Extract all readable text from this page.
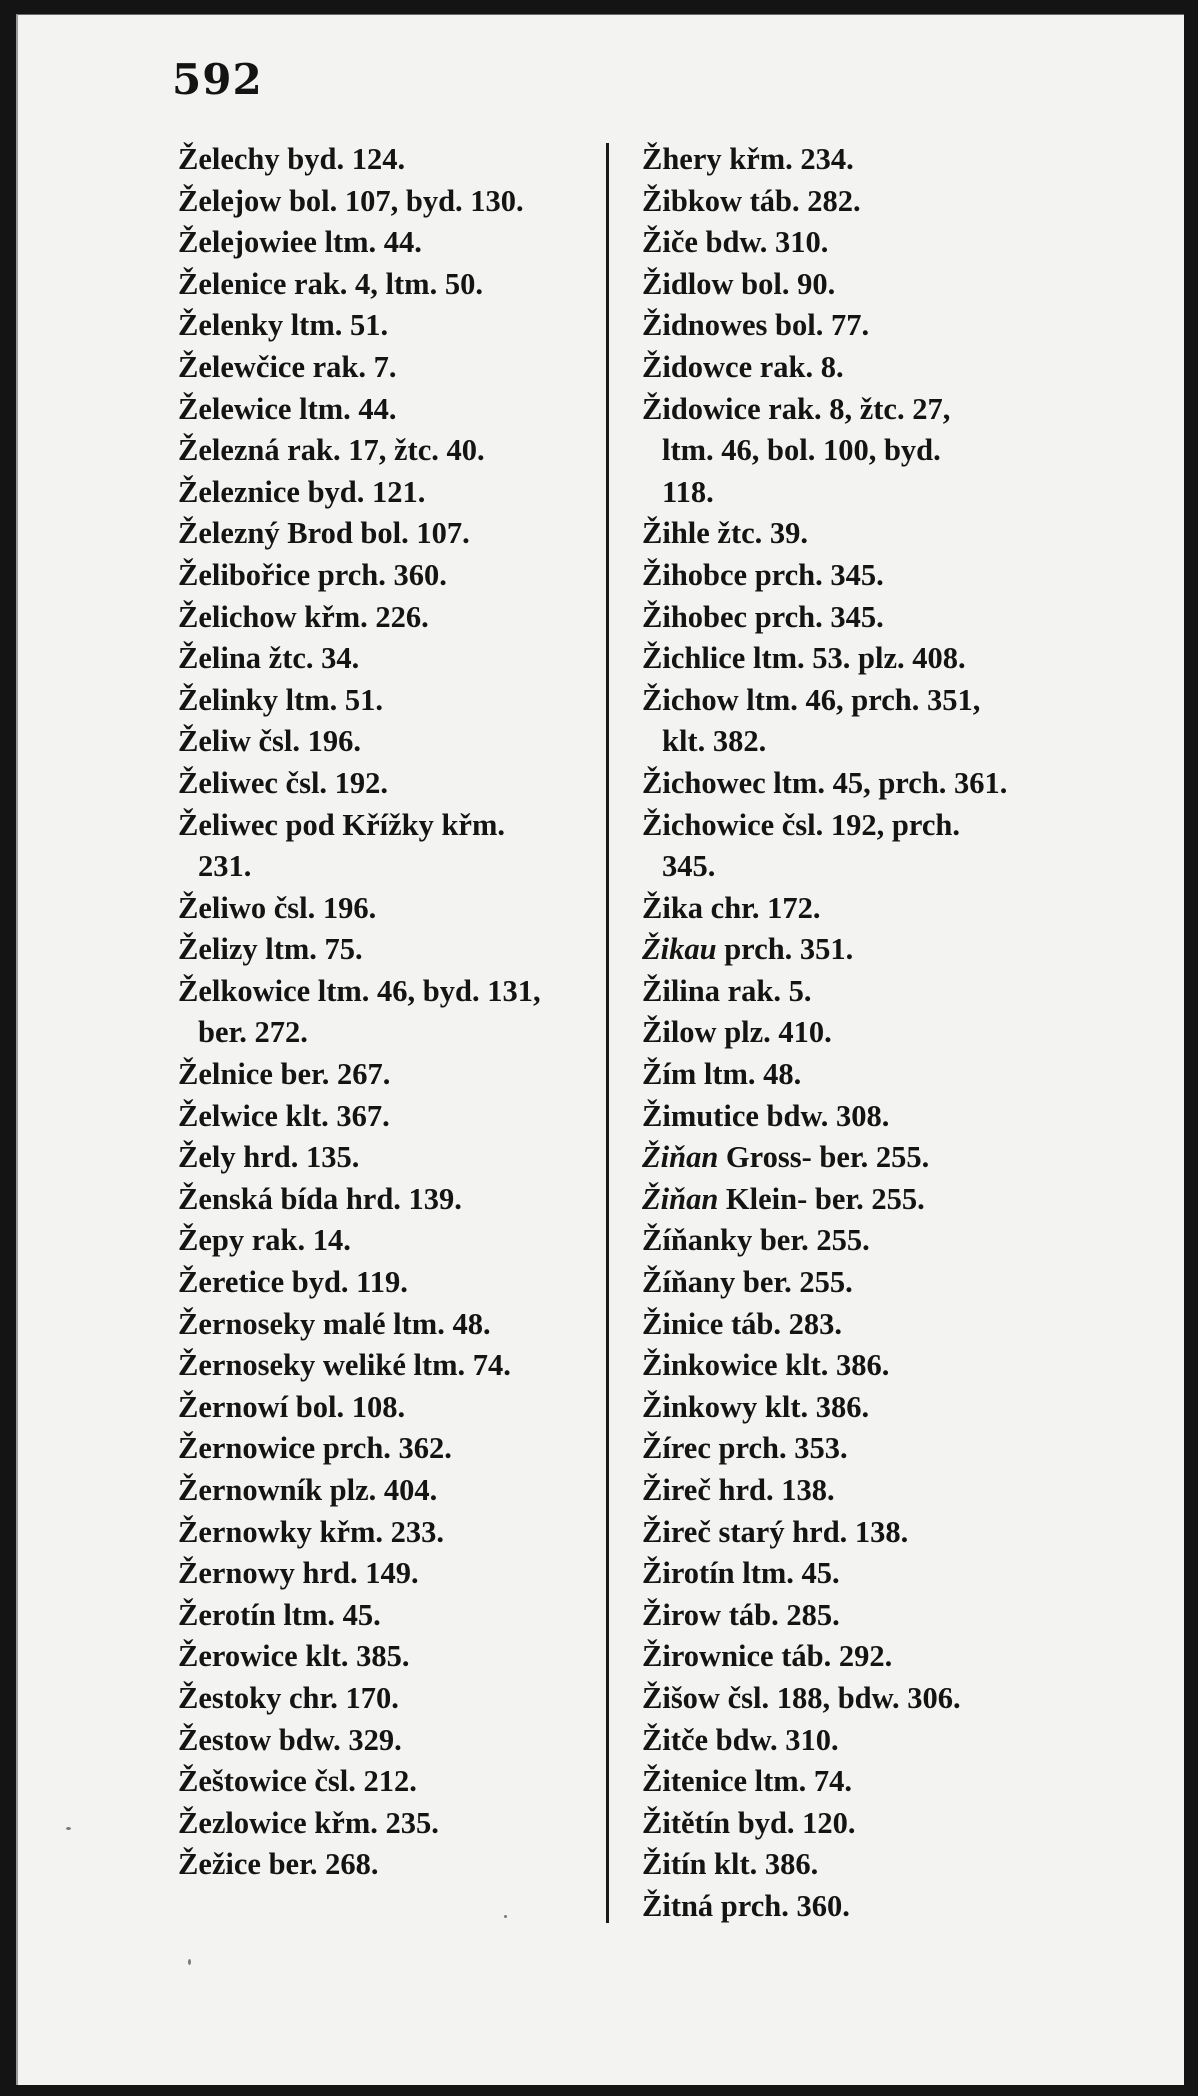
592
Želechy byd. 124.
Želejow bol. 107, byd. 130.
Želejowiee ltm. 44.
Želenice rak. 4, ltm. 50.
Želenky ltm. 51.
Želewčice rak. 7.
Želewice ltm. 44.
Železná rak. 17, žtc. 40.
Železnice byd. 121.
Železný Brod bol. 107.
Želibořice prch. 360.
Želichow křm. 226.
Želina žtc. 34.
Želinky ltm. 51.
Želiw čsl. 196.
Želiwec čsl. 192.
Želiwec pod Křížky křm.
231.
Želiwo čsl. 196.
Želizy ltm. 75.
Želkowice ltm. 46, byd. 131,
ber. 272.
Želnice ber. 267.
Želwice klt. 367.
Žely hrd. 135.
Ženská bída hrd. 139.
Žepy rak. 14.
Žeretice byd. 119.
Žernoseky malé ltm. 48.
Žernoseky weliké ltm. 74.
Žernowí bol. 108.
Žernowice prch. 362.
Žernowník plz. 404.
Žernowky křm. 233.
Žernowy hrd. 149.
Žerotín ltm. 45.
Žerowice klt. 385.
Žestoky chr. 170.
Žestow bdw. 329.
Žeštowice čsl. 212.
Žezlowice křm. 235.
Žežice ber. 268.
Žhery křm. 234.
Žibkow táb. 282.
Žiče bdw. 310.
Židlow bol. 90.
Židnowes bol. 77.
Židowce rak. 8.
Židowice rak. 8, žtc. 27,
ltm. 46, bol. 100, byd.
118.
Žihle žtc. 39.
Žihobce prch. 345.
Žihobec prch. 345.
Žichlice ltm. 53. plz. 408.
Žichow ltm. 46, prch. 351,
klt. 382.
Žichowec ltm. 45, prch. 361.
Žichowice čsl. 192, prch.
345.
Žika chr. 172.
Žikau prch. 351.
Žilina rak. 5.
Žilow plz. 410.
Žím ltm. 48.
Žimutice bdw. 308.
Žiňan Gross- ber. 255.
Žiňan Klein- ber. 255.
Žíňanky ber. 255.
Žíňany ber. 255.
Žinice táb. 283.
Žinkowice klt. 386.
Žinkowy klt. 386.
Žírec prch. 353.
Žireč hrd. 138.
Žireč starý hrd. 138.
Žirotín ltm. 45.
Žirow táb. 285.
Žirownice táb. 292.
Žišow čsl. 188, bdw. 306.
Žitče bdw. 310.
Žitenice ltm. 74.
Žitětín byd. 120.
Žitín klt. 386.
Žitná prch. 360.
